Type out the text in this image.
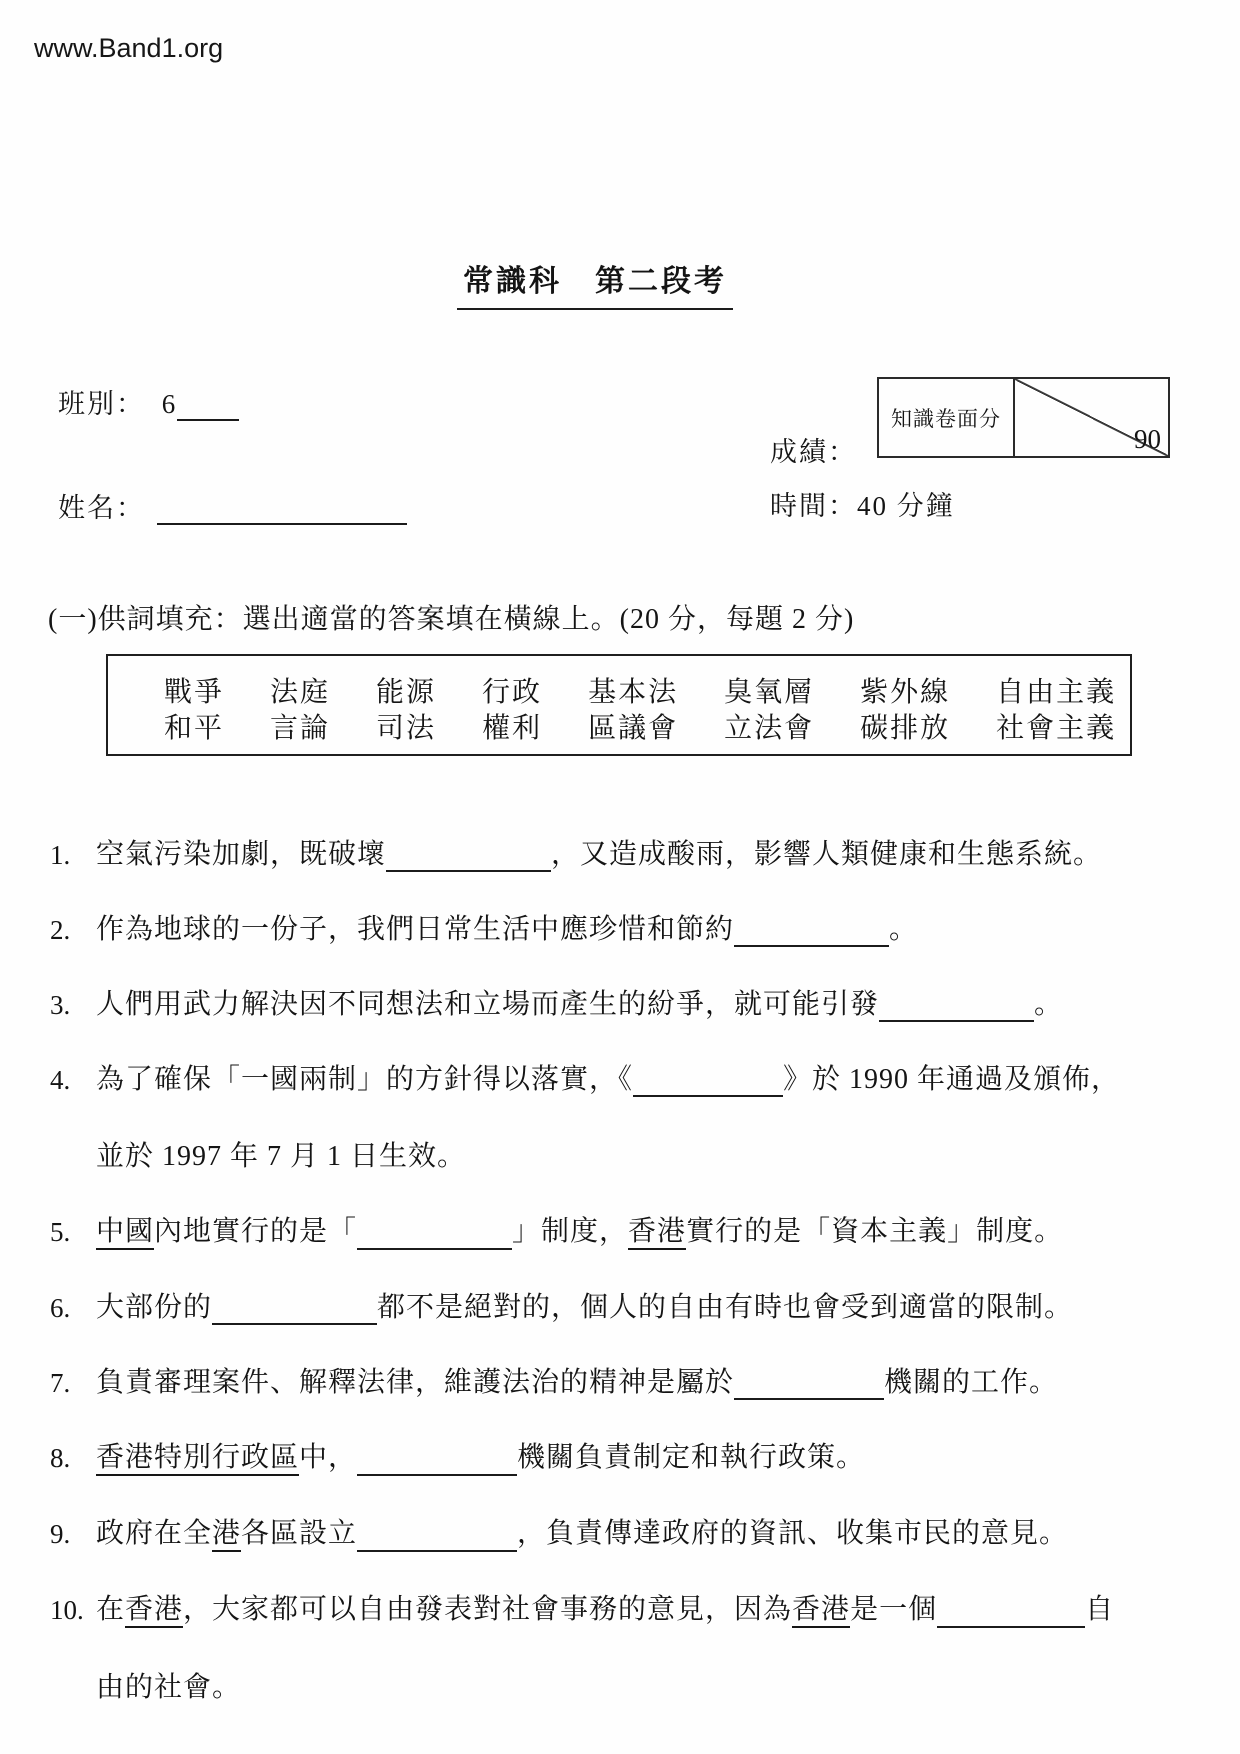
www.Band1.org
常識科　第二段考
班別： 6
姓名：
成績：
知識卷面分
90
時間：40 分鐘
(一)供詞填充：選出適當的答案填在橫線上。(20 分，每題 2 分)
戰爭 法庭 能源 行政 基本法 臭氧層 紫外線 自由主義
和平 言論 司法 權利 區議會 立法會 碳排放 社會主義
1. 空氣污染加劇，既破壞	，又造成酸雨，影響人類健康和生態系統。
2. 作為地球的一份子，我們日常生活中應珍惜和節約	。
3. 人們用武力解決因不同想法和立場而產生的紛爭，就可能引發	。
4. 為了確保「一國兩制」的方針得以落實，《	》於 1990 年通過及頒佈，
並於 1997 年 7 月 1 日生效。
5. 中國內地實行的是「	」制度，香港實行的是「資本主義」制度。
6. 大部份的	都不是絕對的，個人的自由有時也會受到適當的限制。
7. 負責審理案件、解釋法律，維護法治的精神是屬於	機關的工作。
8. 香港特別行政區中，	機關負責制定和執行政策。
9. 政府在全港各區設立	，負責傳達政府的資訊、收集市民的意見。
10. 在香港，大家都可以自由發表對社會事務的意見，因為香港是一個	自
由的社會。
